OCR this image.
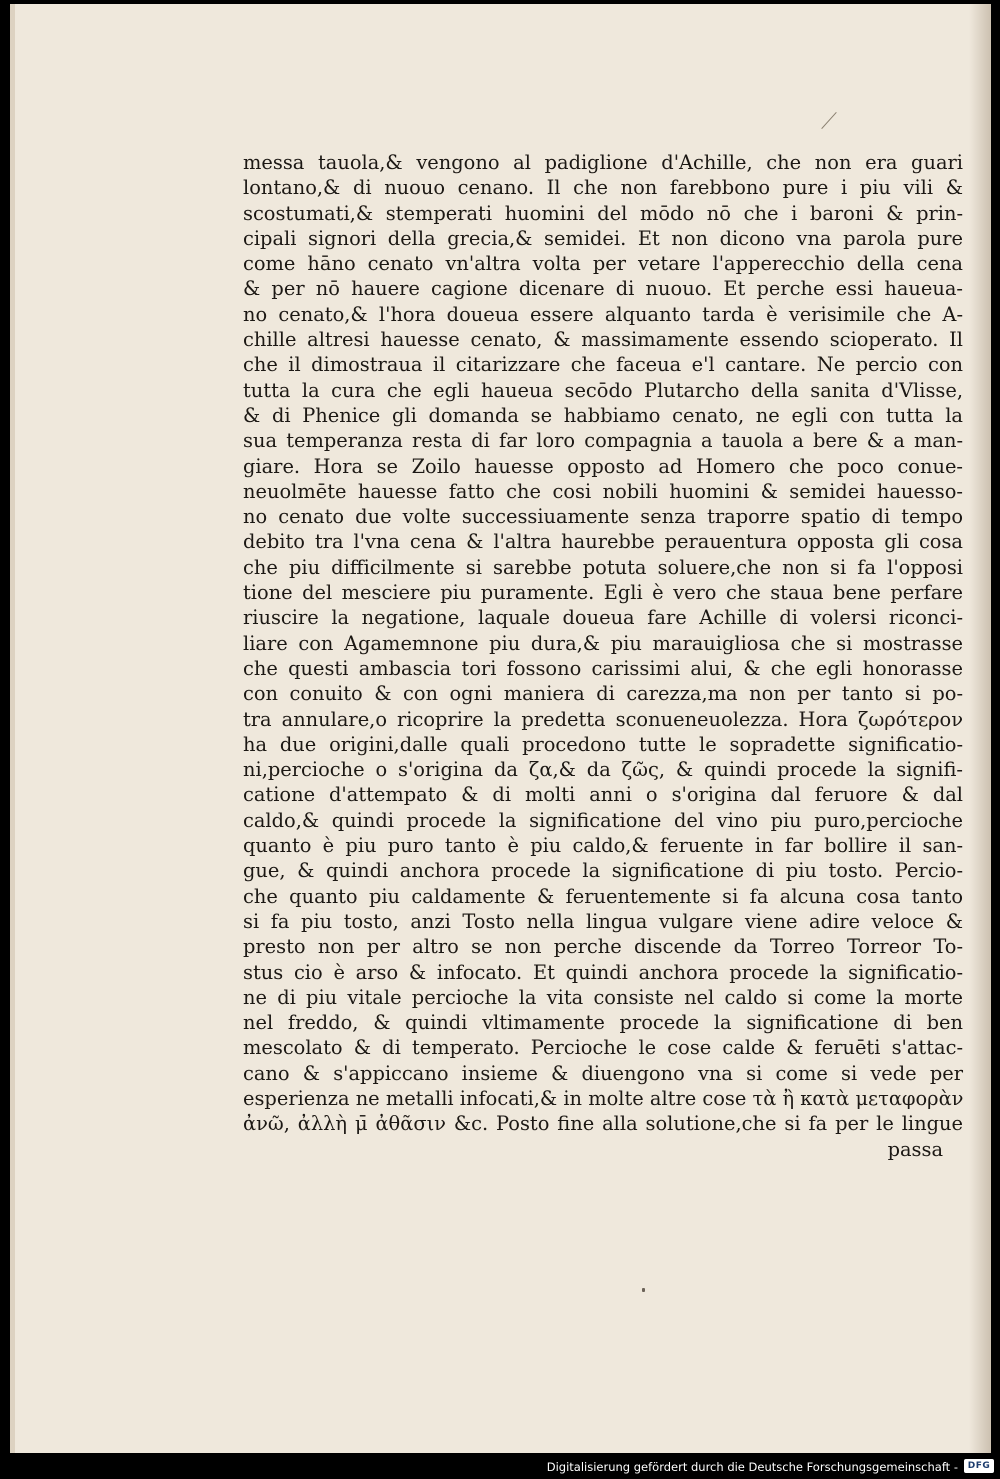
messa tauola,& vengono al padiglione d'Achille, che non era guari
lontano,& di nuouo cenano. Il che non farebbono pure i piu vili &
scostumati,& stemperati huomini del mōdo nō che i baroni & prin-
cipali signori della grecia,& semidei. Et non dicono vna parola pure
come hāno cenato vn'altra volta per vetare l'apperecchio della cena
& per nō hauere cagione dicenare di nuouo. Et perche essi haueua-
no cenato,& l'hora doueua essere alquanto tarda è verisimile che A-
chille altresi hauesse cenato, & massimamente essendo scioperato. Il
che il dimostraua il citarizzare che faceua e'l cantare. Ne percio con
tutta la cura che egli haueua secōdo Plutarcho della sanita d'Vlisse,
& di Phenice gli domanda se habbiamo cenato, ne egli con tutta la
sua temperanza resta di far loro compagnia a tauola a bere & a man-
giare. Hora se Zoilo hauesse opposto ad Homero che poco conue-
neuolmēte hauesse fatto che cosi nobili huomini & semidei hauesso-
no cenato due volte successiuamente senza traporre spatio di tempo
debito tra l'vna cena & l'altra haurebbe perauentura opposta gli cosa
che piu difficilmente si sarebbe potuta soluere,che non si fa l'opposi
tione del mesciere piu puramente. Egli è vero che staua bene perfare
riuscire la negatione, laquale doueua fare Achille di volersi riconci-
liare con Agamemnone piu dura,& piu marauigliosa che si mostrasse
che questi ambascia tori fossono carissimi alui, & che egli honorasse
con conuito & con ogni maniera di carezza,ma non per tanto si po-
tra annulare,o ricoprire la predetta sconueneuolezza. Hora ζωρότερον
ha due origini,dalle quali procedono tutte le sopradette significatio-
ni,percioche o s'origina da ζα,& da ζῶς, & quindi procede la signifi-
catione d'attempato & di molti anni o s'origina dal feruore & dal
caldo,& quindi procede la significatione del vino piu puro,percioche
quanto è piu puro tanto è piu caldo,& feruente in far bollire il san-
gue, & quindi anchora procede la significatione di piu tosto. Percio-
che quanto piu caldamente & feruentemente si fa alcuna cosa tanto
si fa piu tosto, anzi Tosto nella lingua vulgare viene adire veloce &
presto non per altro se non perche discende da Torreo Torreor To-
stus cio è arso & infocato. Et quindi anchora procede la significatio-
ne di piu vitale percioche la vita consiste nel caldo si come la morte
nel freddo, & quindi vltimamente procede la significatione di ben
mescolato & di temperato. Percioche le cose calde & feruēti s'attac-
cano & s'appiccano insieme & diuengono vna si come si vede per
esperienza ne metalli infocati,& in molte altre cose τὰ ἢ κατὰ μεταφορὰν
ἀνῶ, ἀλλὴ μ̄ ἀθᾶσιν &c. Posto fine alla solutione,che si fa per le lingue
passa
Digitalisierung gefördert durch die Deutsche Forschungsgemeinschaft -	DFG
